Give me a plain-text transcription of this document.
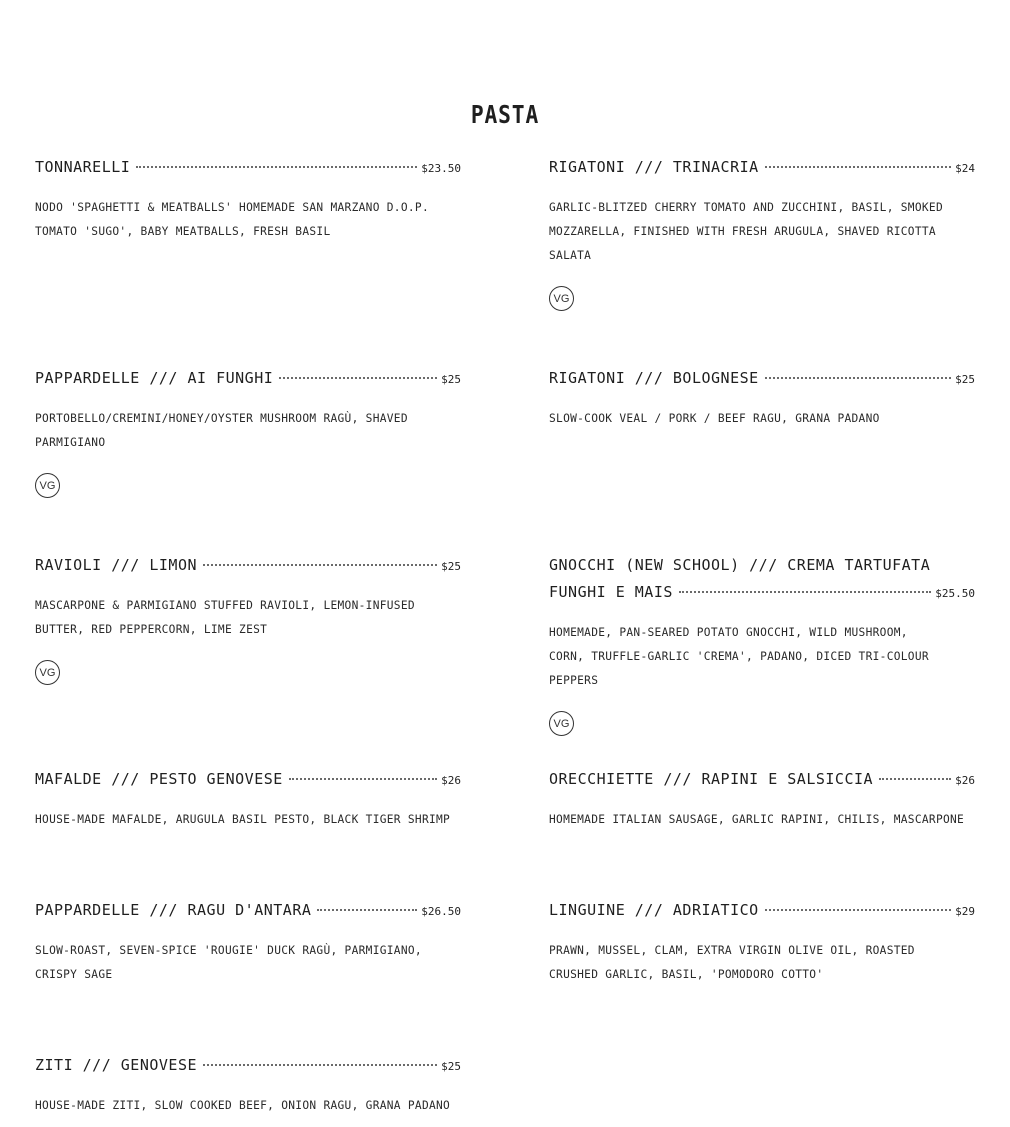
PASTA
TONNARELLI	$23.50
NODO 'SPAGHETTI & MEATBALLS' HOMEMADE SAN MARZANO D.O.P. TOMATO 'SUGO', BABY MEATBALLS, FRESH BASIL
PAPPARDELLE /// AI FUNGHI	$25
PORTOBELLO/CREMINI/HONEY/OYSTER MUSHROOM RAGÙ, SHAVED PARMIGIANO
VG
RAVIOLI /// LIMON	$25
MASCARPONE & PARMIGIANO STUFFED RAVIOLI, LEMON-INFUSED BUTTER, RED PEPPERCORN, LIME ZEST
VG
MAFALDE /// PESTO GENOVESE	$26
HOUSE-MADE MAFALDE, ARUGULA BASIL PESTO, BLACK TIGER SHRIMP
PAPPARDELLE /// RAGU D'ANTARA	$26.50
SLOW-ROAST, SEVEN-SPICE 'ROUGIE' DUCK RAGÙ, PARMIGIANO, CRISPY SAGE
ZITI /// GENOVESE	$25
HOUSE-MADE ZITI, SLOW COOKED BEEF, ONION RAGU, GRANA PADANO
RIGATONI /// TRINACRIA	$24
GARLIC-BLITZED CHERRY TOMATO AND ZUCCHINI, BASIL, SMOKED MOZZARELLA, FINISHED WITH FRESH ARUGULA, SHAVED RICOTTA SALATA
VG
RIGATONI /// BOLOGNESE	$25
SLOW-COOK VEAL / PORK / BEEF RAGU, GRANA PADANO
GNOCCHI (NEW SCHOOL) /// CREMA TARTUFATA
FUNGHI E MAIS	$25.50
HOMEMADE, PAN-SEARED POTATO GNOCCHI, WILD MUSHROOM, CORN, TRUFFLE-GARLIC 'CREMA', PADANO, DICED TRI-COLOUR PEPPERS
VG
ORECCHIETTE /// RAPINI E SALSICCIA	$26
HOMEMADE ITALIAN SAUSAGE, GARLIC RAPINI, CHILIS, MASCARPONE
LINGUINE /// ADRIATICO	$29
PRAWN, MUSSEL, CLAM, EXTRA VIRGIN OLIVE OIL, ROASTED CRUSHED GARLIC, BASIL, 'POMODORO COTTO'
